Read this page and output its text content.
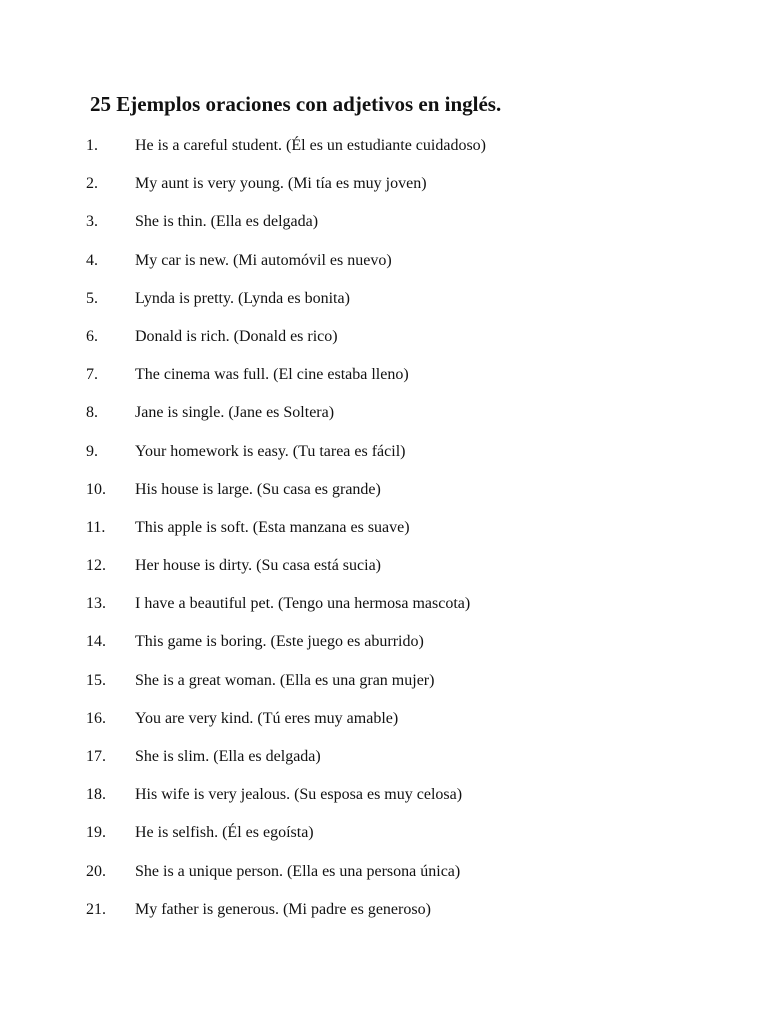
25 Ejemplos oraciones con adjetivos en inglés.
1.	He is a careful student. (Él es un estudiante cuidadoso)
2.	My aunt is very young. (Mi tía es muy joven)
3.	She is thin. (Ella es delgada)
4.	My car is new. (Mi automóvil es nuevo)
5.	Lynda is pretty. (Lynda es bonita)
6.	Donald is rich. (Donald es rico)
7.	The cinema was full. (El cine estaba lleno)
8.	Jane is single. (Jane es Soltera)
9.	Your homework is easy. (Tu tarea es fácil)
10.	His house is large. (Su casa es grande)
11.	This apple is soft. (Esta manzana es suave)
12.	Her house is dirty. (Su casa está sucia)
13.	I have a beautiful pet. (Tengo una hermosa mascota)
14.	This game is boring. (Este juego es aburrido)
15.	She is a great woman. (Ella es una gran mujer)
16.	You are very kind. (Tú eres muy amable)
17.	She is slim. (Ella es delgada)
18.	His wife is very jealous. (Su esposa es muy celosa)
19.	He is selfish. (Él es egoísta)
20.	She is a unique person. (Ella es una persona única)
21.	My father is generous. (Mi padre es generoso)
